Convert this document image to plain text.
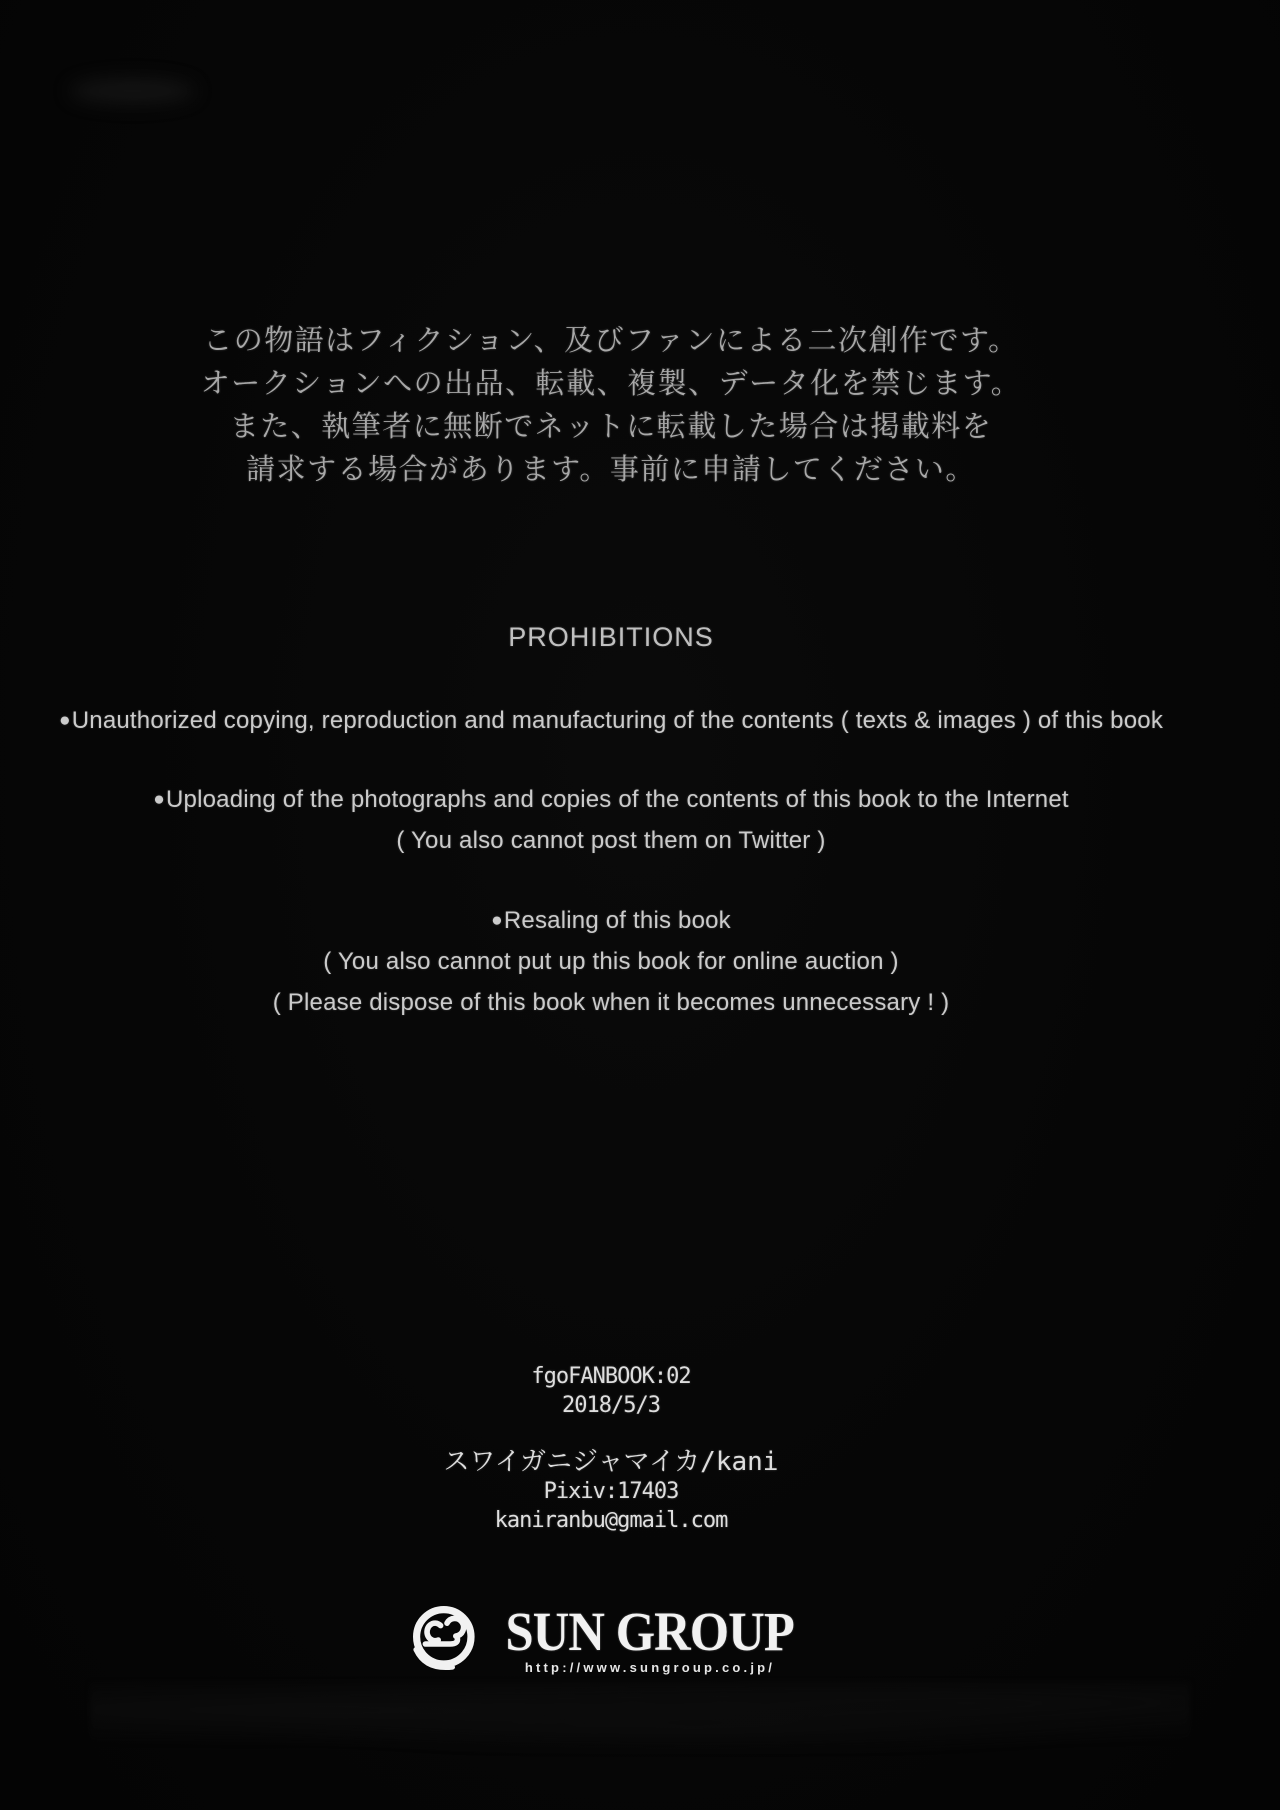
この物語はフィクション、及びファンによる二次創作です。
オークションへの出品、転載、複製、データ化を禁じます。
また、執筆者に無断でネットに転載した場合は掲載料を
請求する場合があります。事前に申請してください。
PROHIBITIONS
●Unauthorized copying, reproduction and manufacturing of the contents ( texts & images ) of this book
●Uploading of the photographs and copies of the contents of this book to the Internet
( You also cannot post them on Twitter )
●Resaling of this book
( You also cannot put up this book for online auction )
( Please dispose of this book when it becomes unnecessary ! )
fgoFANBOOK:02
2018/5/3
スワイガニジャマイカ/kani
Pixiv:17403
kaniranbu@gmail.com
SUN GROUP
http://www.sungroup.co.jp/
